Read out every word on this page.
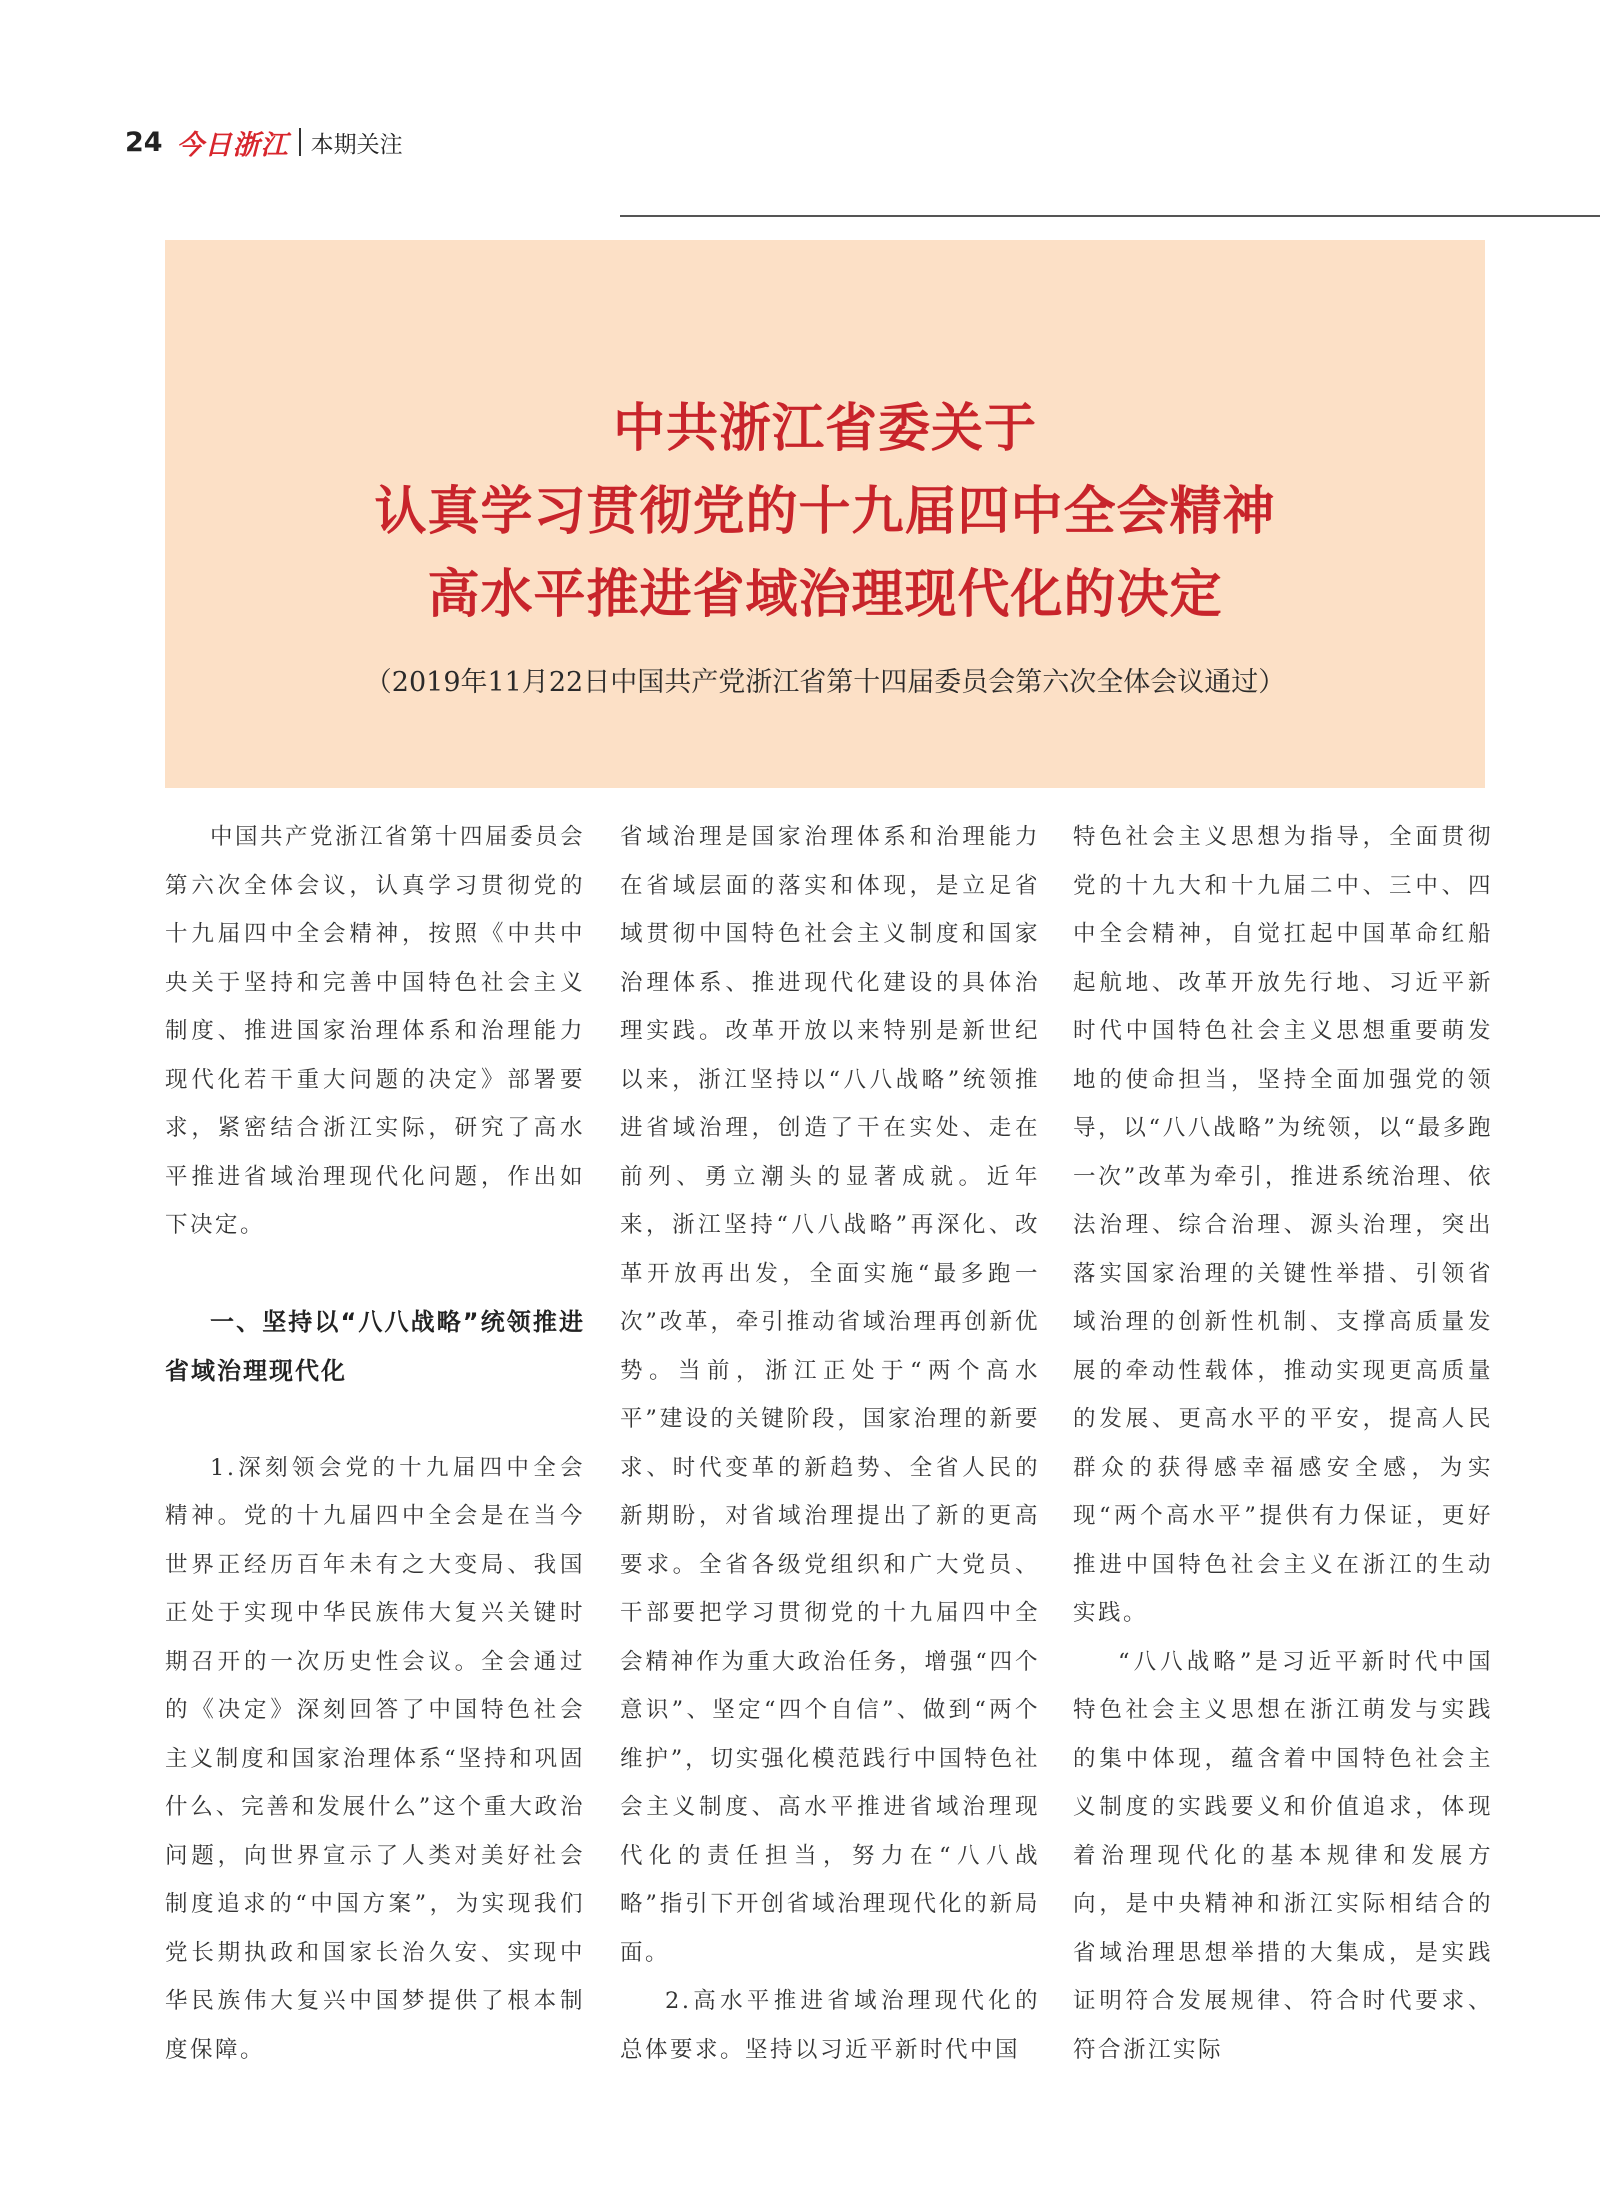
24 今日浙江 本期关注
中共浙江省委关于
认真学习贯彻党的十九届四中全会精神
高水平推进省域治理现代化的决定
（2019年11月22日中国共产党浙江省第十四届委员会第六次全体会议通过）

中国共产党浙江省第十四届委员会第六次全体会议，认真学习贯彻党的十九届四中全会精神，按照《中共中央关于坚持和完善中国特色社会主义制度、推进国家治理体系和治理能力现代化若干重大问题的决定》部署要求，紧密结合浙江实际，研究了高水平推进省域治理现代化问题，作出如下决定。

一、坚持以“八八战略”统领推进省域治理现代化

1.深刻领会党的十九届四中全会精神。党的十九届四中全会是在当今世界正经历百年未有之大变局、我国正处于实现中华民族伟大复兴关键时期召开的一次历史性会议。全会通过的《决定》深刻回答了中国特色社会主义制度和国家治理体系“坚持和巩固什么、完善和发展什么”这个重大政治问题，向世界宣示了人类对美好社会制度追求的“中国方案”，为实现我们党长期执政和国家长治久安、实现中华民族伟大复兴中国梦提供了根本制度保障。

省域治理是国家治理体系和治理能力在省域层面的落实和体现，是立足省域贯彻中国特色社会主义制度和国家治理体系、推进现代化建设的具体治理实践。改革开放以来特别是新世纪以来，浙江坚持以“八八战略”统领推进省域治理，创造了干在实处、走在前列、勇立潮头的显著成就。近年来，浙江坚持“八八战略”再深化、改革开放再出发，全面实施“最多跑一次”改革，牵引推动省域治理再创新优势。当前，浙江正处于“两个高水平”建设的关键阶段，国家治理的新要求、时代变革的新趋势、全省人民的新期盼，对省域治理提出了新的更高要求。全省各级党组织和广大党员、干部要把学习贯彻党的十九届四中全会精神作为重大政治任务，增强“四个意识”、坚定“四个自信”、做到“两个维护”，切实强化模范践行中国特色社会主义制度、高水平推进省域治理现代化的责任担当，努力在“八八战略”指引下开创省域治理现代化的新局面。

2.高水平推进省域治理现代化的总体要求。坚持以习近平新时代中国

特色社会主义思想为指导，全面贯彻党的十九大和十九届二中、三中、四中全会精神，自觉扛起中国革命红船起航地、改革开放先行地、习近平新时代中国特色社会主义思想重要萌发地的使命担当，坚持全面加强党的领导，以“八八战略”为统领，以“最多跑一次”改革为牵引，推进系统治理、依法治理、综合治理、源头治理，突出落实国家治理的关键性举措、引领省域治理的创新性机制、支撑高质量发展的牵动性载体，推动实现更高质量的发展、更高水平的平安，提高人民群众的获得感幸福感安全感，为实现“两个高水平”提供有力保证，更好推进中国特色社会主义在浙江的生动实践。

“八八战略”是习近平新时代中国特色社会主义思想在浙江萌发与实践的集中体现，蕴含着中国特色社会主义制度的实践要义和价值追求，体现着治理现代化的基本规律和发展方向，是中央精神和浙江实际相结合的省域治理思想举措的大集成，是实践证明符合发展规律、符合时代要求、符合浙江实际
